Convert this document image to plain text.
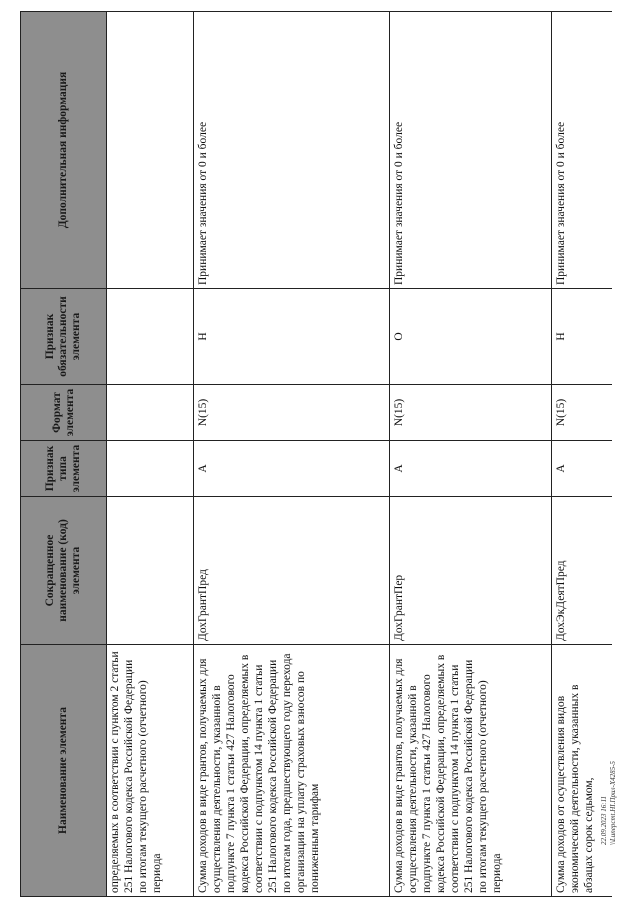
Наименование элемента
Сокращенное наименование (код) элемента
Признак типа элемента
Формат элемента
Признак обязательности элемента
Дополнительная информация
определяемых в соответствии с пунктом 2 статьи 251 Налогового кодекса Российской Федерации по итогам текущего расчетного (отчетного) периода	Сумма доходов в виде грантов, получаемых для осуществления деятельности, указанной в подпункте 7 пункта 1 статьи 427 Налогового кодекса Российской Федерации, определяемых в соответствии с подпунктом 14 пункта 1 статьи 251 Налогового кодекса Российской Федерации по итогам года, предшествующего году перехода организации на уплату страховых взносов по пониженным тарифам
ДохГрантПред
А
N(15)
Н
Принимает значения от 0 и более
Сумма доходов в виде грантов, получаемых для осуществления деятельности, указанной в подпункте 7 пункта 1 статьи 427 Налогового кодекса Российской Федерации, определяемых в соответствии с подпунктом 14 пункта 1 статьи 251 Налогового кодекса Российской Федерации по итогам текущего расчетного (отчетного) периода
ДохГрантПер
А
N(15)
О
Принимает значения от 0 и более
Сумма доходов от осуществления видов экономической деятельности, указанных в абзацах сорок седьмом,
ДохЭкДеятПред
А
N(15)
Н
Принимает значения от 0 и более
22.09.2023 16:11 \\Lunepcmt.HI.Прил-X4285-5
